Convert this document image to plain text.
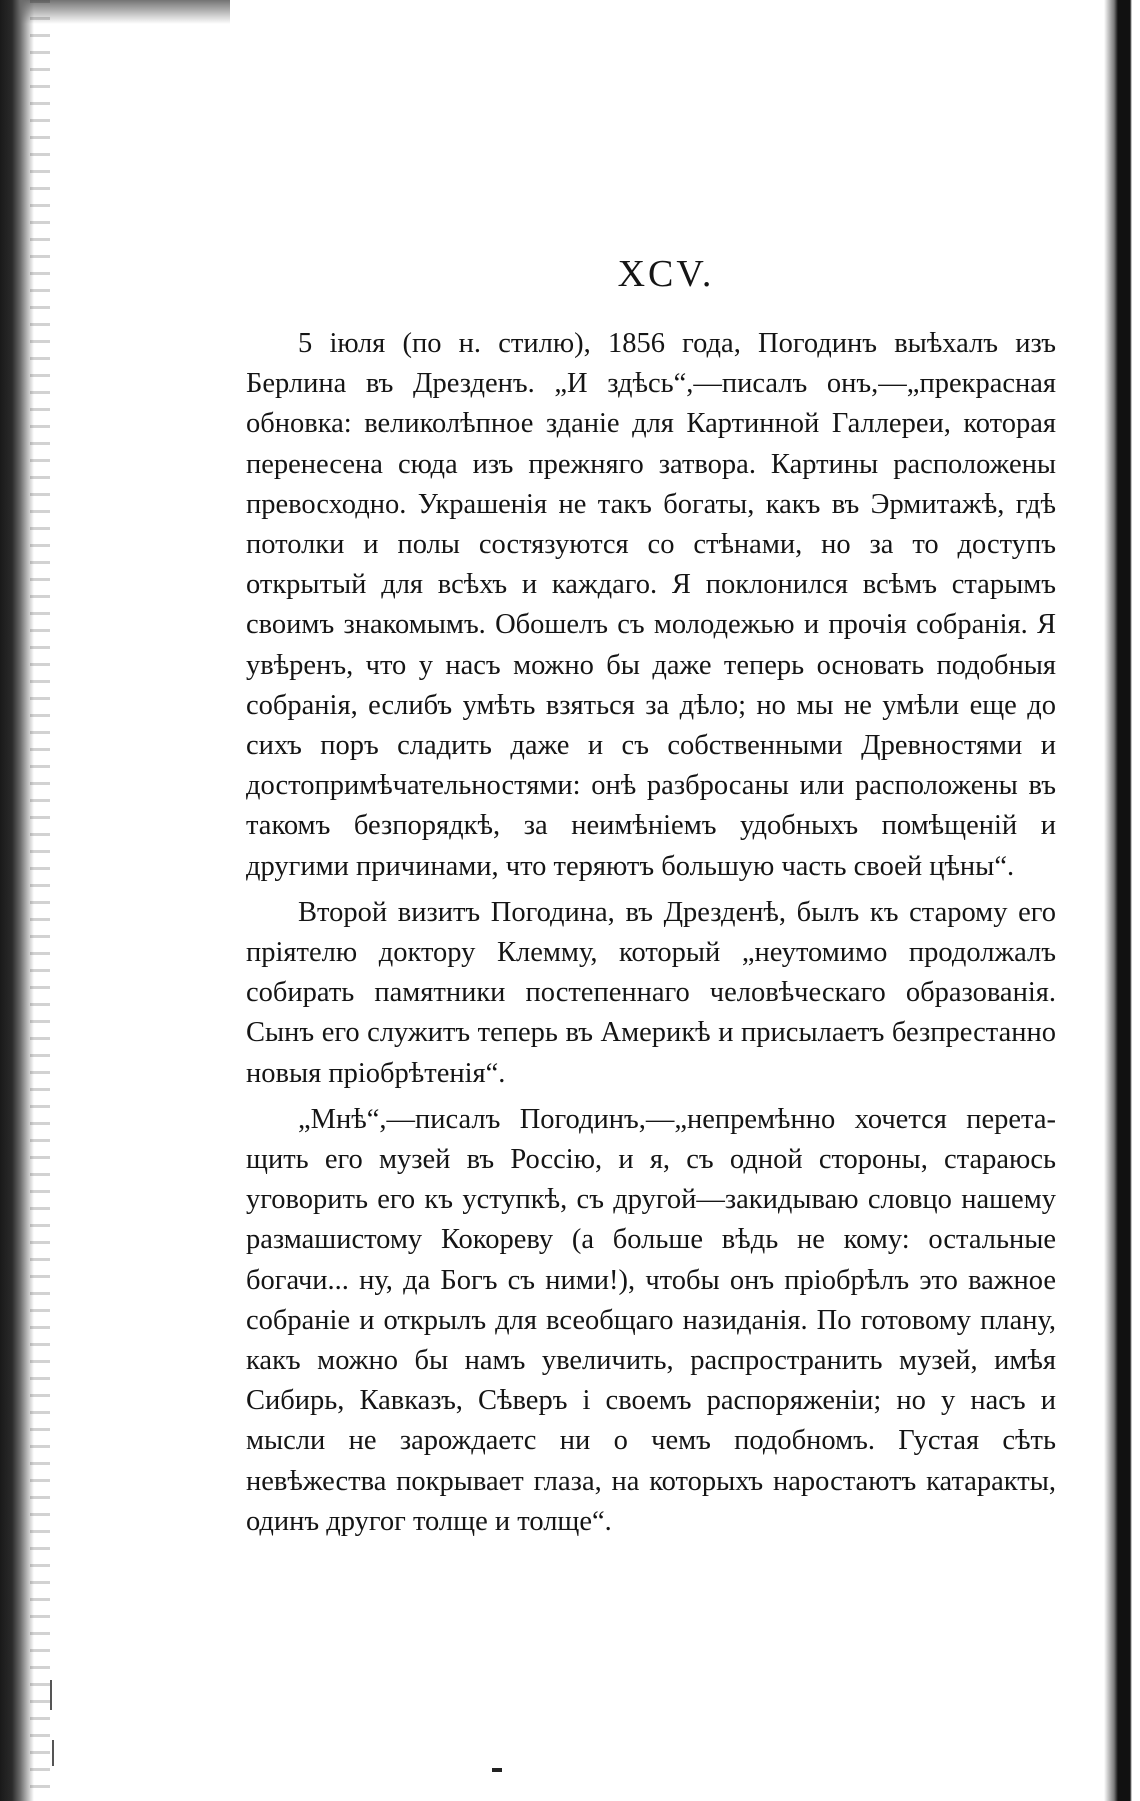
XCV.

5 іюля (по н. стилю), 1856 года, Погодинъ выѣхалъ изъ Берлина въ Дрезденъ. „И здѣсь“,—писалъ онъ,—„прекрасная обновка: великолѣпное зданіе для Картинной Галлереи, которая перенесена сюда изъ прежняго затвора. Картины расположены превосходно. Украшенія не такъ богаты, какъ въ Эрмитажѣ, гдѣ потолки и полы состязуются со стѣнами, но за то доступъ открытый для всѣхъ и каждаго. Я поклонился всѣмъ старымъ своимъ знакомымъ. Обошелъ съ молодежью и прочія собранія. Я увѣренъ, что у насъ можно бы даже теперь основать подобныя собранія, еслибъ умѣть взяться за дѣло; но мы не умѣли еще до сихъ поръ сладить даже и съ собственными Древностями и достопримѣчательностями: онѣ разбросаны или расположены въ такомъ безпорядкѣ, за неимѣніемъ удобныхъ помѣщеній и другими причинами, что теряютъ большую часть своей цѣны“.

Второй визитъ Погодина, въ Дрезденѣ, былъ къ старому его пріятелю доктору Клемму, который „неутомимо продолжалъ собирать памятники постепеннаго человѣческаго образованія. Сынъ его служитъ теперь въ Америкѣ и присылаетъ безпрестанно новыя пріобрѣтенія“.

„Мнѣ“,—писалъ Погодинъ,—„непремѣнно хочется перетащить его музей въ Россію, и я, съ одной стороны, стараюсь уговорить его къ уступкѣ, съ другой—закидываю словцо нашему размашистому Кокореву (а больше вѣдь не кому: остальные богачи... ну, да Богъ съ ними!), чтобы онъ пріобрѣлъ это важное собраніе и открылъ для всеобщаго назиданія. По готовому плану, какъ можно бы намъ увеличить, распространить музей, имѣя Сибирь, Кавказъ, Сѣверъ і своемъ распоряженіи; но у насъ и мысли не зарождаетс ни о чемъ подобномъ. Густая сѣть невѣжества покрывает глаза, на которыхъ наростаютъ катаракты, одинъ другог толще и толще“.
